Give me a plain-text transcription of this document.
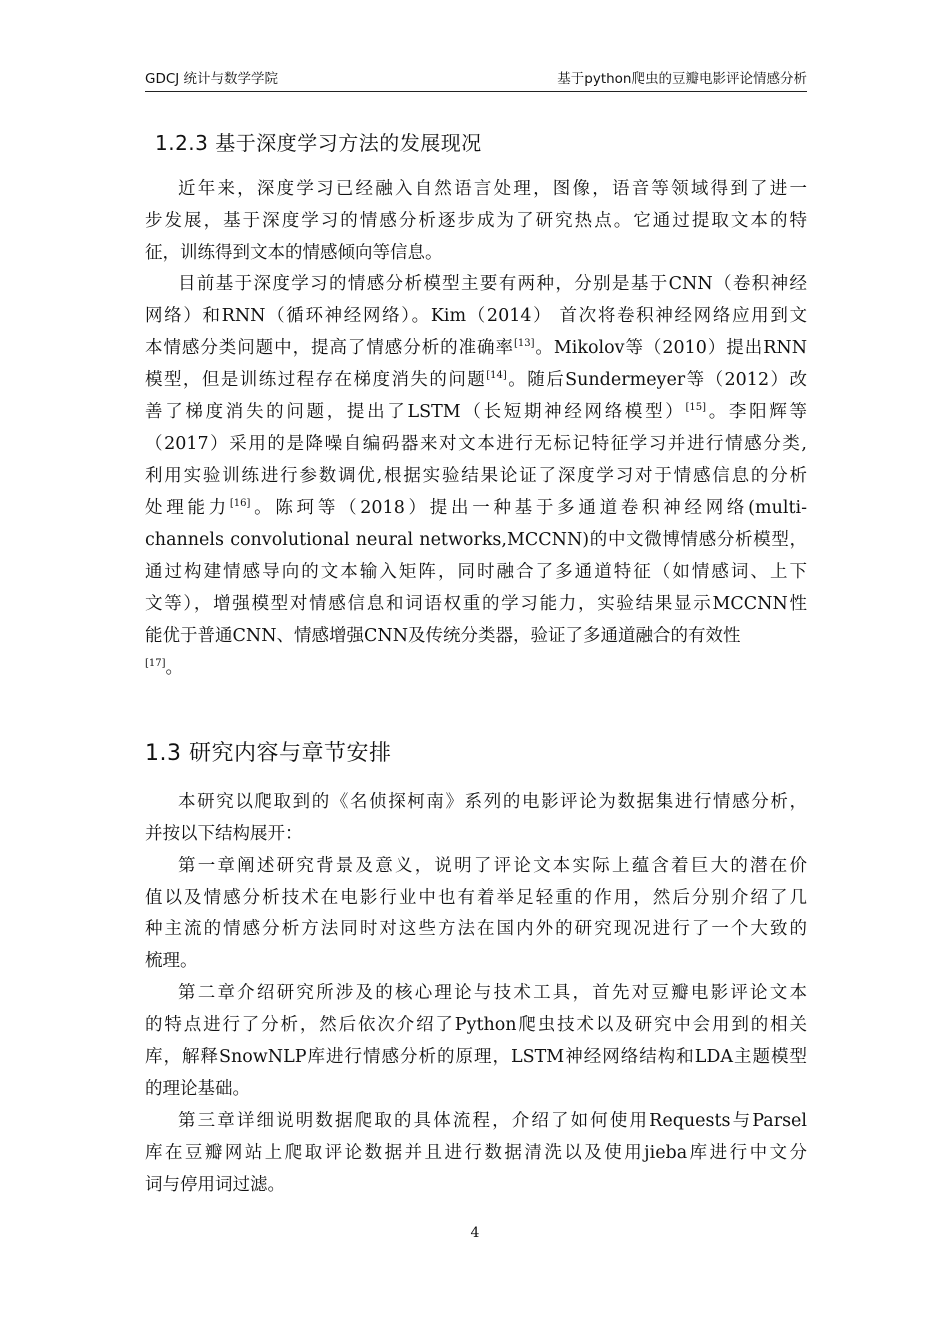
GDCJ 统计与数学学院	基于python爬虫的豆瓣电影评论情感分析
1.2.3 基于深度学习方法的发展现况
近年来，深度学习已经融入自然语言处理，图像，语音等领域得到了进一
步发展，基于深度学习的情感分析逐步成为了研究热点。它通过提取文本的特
征，训练得到文本的情感倾向等信息。
目前基于深度学习的情感分析模型主要有两种，分别是基于CNN（卷积神经
网络）和RNN（循环神经网络）。Kim（2014） 首次将卷积神经网络应用到文
本情感分类问题中，提高了情感分析的准确率[13]。Mikolov等（2010）提出RNN
模型，但是训练过程存在梯度消失的问题[14]。随后Sundermeyer等（2012）改
善了梯度消失的问题，提出了LSTM（长短期神经网络模型）[15]。李阳辉等
（2017）采用的是降噪自编码器来对文本进行无标记特征学习并进行情感分类,
利用实验训练进行参数调优,根据实验结果论证了深度学习对于情感信息的分析
处理能力[16]。陈珂等（2018）提出一种基于多通道卷积神经网络(multi-
channels convolutional neural networks,MCCNN)的中文微博情感分析模型，
通过构建情感导向的文本输入矩阵，同时融合了多通道特征（如情感词、上下
文等），增强模型对情感信息和词语权重的学习能力，实验结果显示MCCNN性
能优于普通CNN、情感增强CNN及传统分类器，验证了多通道融合的有效性
[17]。
1.3 研究内容与章节安排
本研究以爬取到的《名侦探柯南》系列的电影评论为数据集进行情感分析，
并按以下结构展开：
第一章阐述研究背景及意义，说明了评论文本实际上蕴含着巨大的潜在价
值以及情感分析技术在电影行业中也有着举足轻重的作用，然后分别介绍了几
种主流的情感分析方法同时对这些方法在国内外的研究现况进行了一个大致的
梳理。
第二章介绍研究所涉及的核心理论与技术工具，首先对豆瓣电影评论文本
的特点进行了分析，然后依次介绍了Python爬虫技术以及研究中会用到的相关
库，解释SnowNLP库进行情感分析的原理，LSTM神经网络结构和LDA主题模型
的理论基础。
第三章详细说明数据爬取的具体流程，介绍了如何使用Requests与Parsel
库在豆瓣网站上爬取评论数据并且进行数据清洗以及使用jieba库进行中文分
词与停用词过滤。
4
